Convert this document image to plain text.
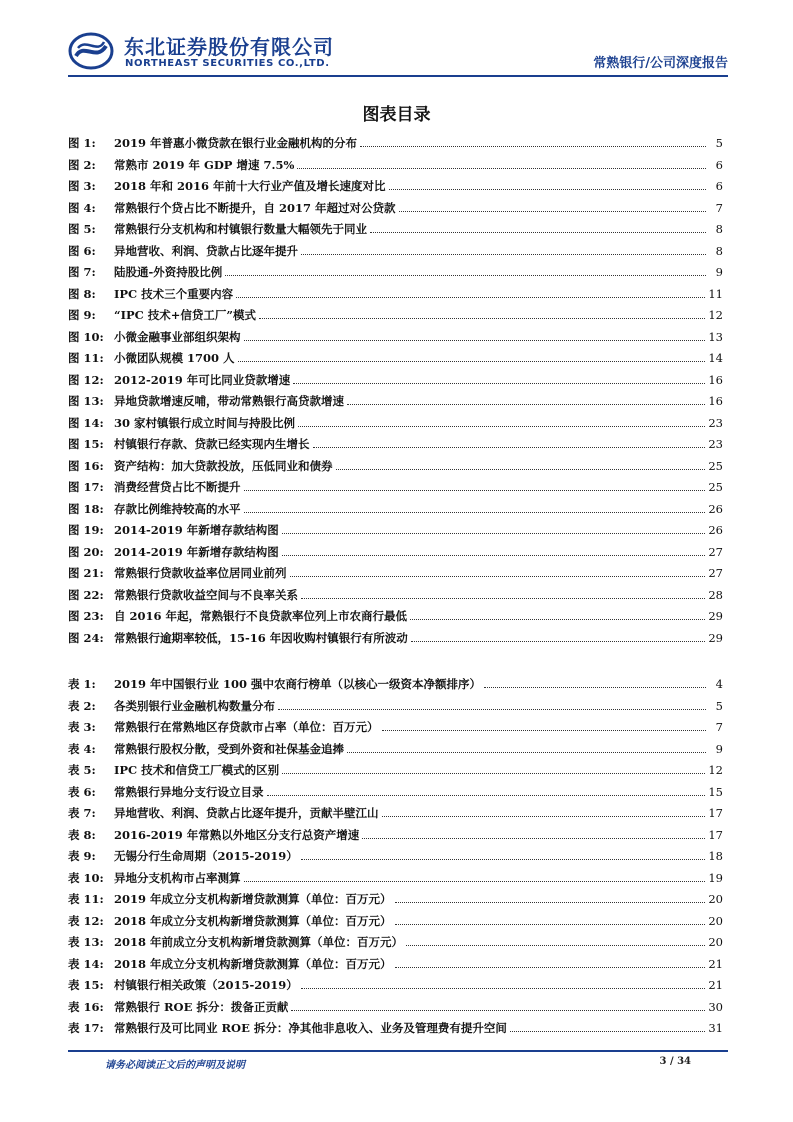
东北证券股份有限公司
NORTHEAST SECURITIES CO.,LTD.	常熟银行/公司深度报告
图表目录
图 1:	2019 年普惠小微贷款在银行业金融机构的分布	5
图 2:	常熟市 2019 年 GDP 增速 7.5%	6
图 3:	2018 年和 2016 年前十大行业产值及增长速度对比	6
图 4:	常熟银行个贷占比不断提升，自 2017 年超过对公贷款	7
图 5:	常熟银行分支机构和村镇银行数量大幅领先于同业	8
图 6:	异地营收、利润、贷款占比逐年提升	8
图 7:	陆股通-外资持股比例	9
图 8:	IPC 技术三个重要内容	11
图 9:	“IPC 技术+信贷工厂”模式	12
图 10: 小微金融事业部组织架构	13
图 11: 小微团队规模 1700 人	14
图 12: 2012-2019 年可比同业贷款增速	16
图 13: 异地贷款增速反哺，带动常熟银行高贷款增速	16
图 14: 30 家村镇银行成立时间与持股比例	23
图 15: 村镇银行存款、贷款已经实现内生增长	23
图 16: 资产结构：加大贷款投放，压低同业和债券	25
图 17: 消费经营贷占比不断提升	25
图 18: 存款比例维持较高的水平	26
图 19: 2014-2019 年新增存款结构图	26
图 20: 2014-2019 年新增存款结构图	27
图 21: 常熟银行贷款收益率位居同业前列	27
图 22: 常熟银行贷款收益空间与不良率关系	28
图 23: 自 2016 年起，常熟银行不良贷款率位列上市农商行最低	29
图 24: 常熟银行逾期率较低，15-16 年因收购村镇银行有所波动	29
表 1:	2019 年中国银行业 100 强中农商行榜单（以核心一级资本净额排序）	4
表 2:	各类别银行业金融机构数量分布	5
表 3:	常熟银行在常熟地区存贷款市占率（单位：百万元）	7
表 4:	常熟银行股权分散，受到外资和社保基金追捧	9
表 5:	IPC 技术和信贷工厂模式的区别	12
表 6:	常熟银行异地分支行设立目录	15
表 7:	异地营收、利润、贷款占比逐年提升，贡献半壁江山	17
表 8:	2016-2019 年常熟以外地区分支行总资产增速	17
表 9:	无锡分行生命周期（2015-2019）	18
表 10: 异地分支机构市占率测算	19
表 11: 2019 年成立分支机构新增贷款测算（单位：百万元）	20
表 12: 2018 年成立分支机构新增贷款测算（单位：百万元）	20
表 13: 2018 年前成立分支机构新增贷款测算（单位：百万元）	20
表 14: 2018 年成立分支机构新增贷款测算（单位：百万元）	21
表 15: 村镇银行相关政策（2015-2019）	21
表 16: 常熟银行 ROE 拆分：拨备正贡献	30
表 17: 常熟银行及可比同业 ROE 拆分：净其他非息收入、业务及管理费有提升空间	31
请务必阅读正文后的声明及说明	3 / 34
